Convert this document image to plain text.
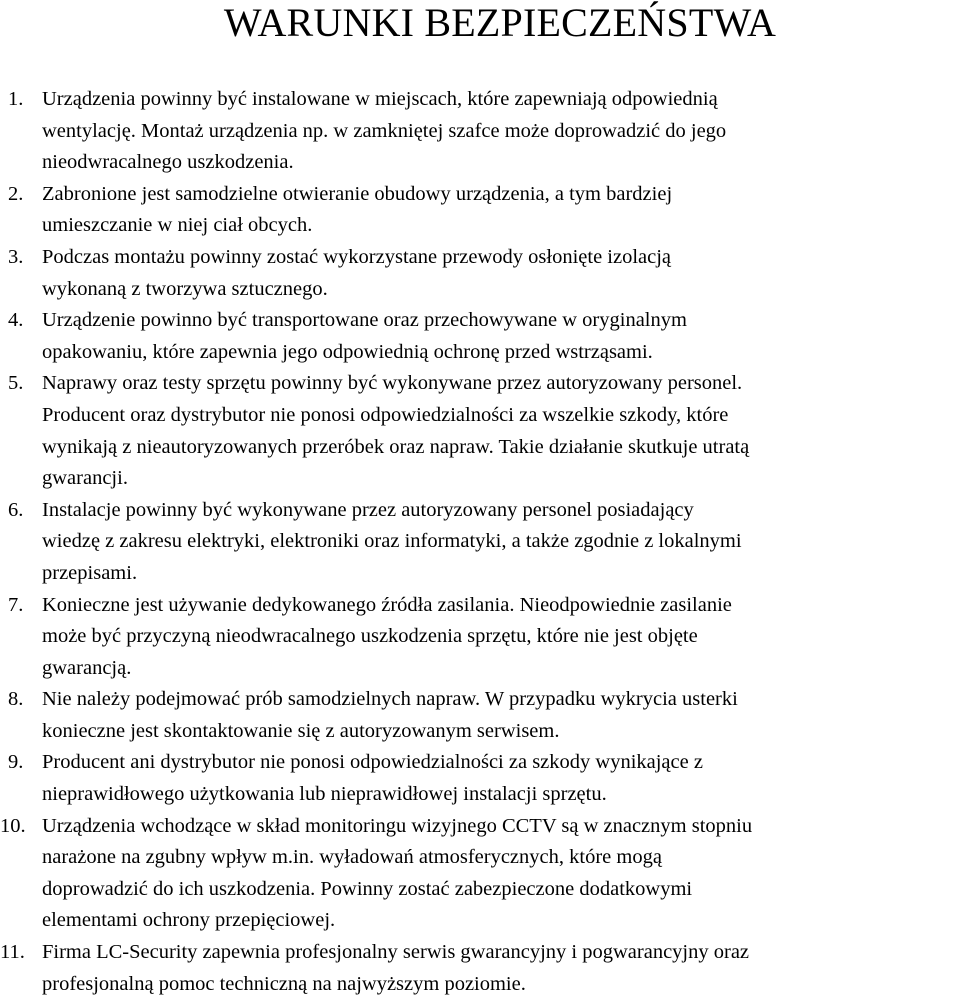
WARUNKI BEZPIECZEŃSTWA
1. Urządzenia powinny być instalowane w miejscach, które zapewniają odpowiednią
wentylację. Montaż urządzenia np. w zamkniętej szafce może doprowadzić do jego
nieodwracalnego uszkodzenia.
2. Zabronione jest samodzielne otwieranie obudowy urządzenia, a tym bardziej
umieszczanie w niej ciał obcych.
3. Podczas montażu powinny zostać wykorzystane przewody osłonięte izolacją
wykonaną z tworzywa sztucznego.
4. Urządzenie powinno być transportowane oraz przechowywane w oryginalnym
opakowaniu, które zapewnia jego odpowiednią ochronę przed wstrząsami.
5. Naprawy oraz testy sprzętu powinny być wykonywane przez autoryzowany personel.
Producent oraz dystrybutor nie ponosi odpowiedzialności za wszelkie szkody, które
wynikają z nieautoryzowanych przeróbek oraz napraw. Takie działanie skutkuje utratą
gwarancji.
6. Instalacje powinny być wykonywane przez autoryzowany personel posiadający
wiedzę z zakresu elektryki, elektroniki oraz informatyki, a także zgodnie z lokalnymi
przepisami.
7. Konieczne jest używanie dedykowanego źródła zasilania. Nieodpowiednie zasilanie
może być przyczyną nieodwracalnego uszkodzenia sprzętu, które nie jest objęte
gwarancją.
8. Nie należy podejmować prób samodzielnych napraw. W przypadku wykrycia usterki
konieczne jest skontaktowanie się z autoryzowanym serwisem.
9. Producent ani dystrybutor nie ponosi odpowiedzialności za szkody wynikające z
nieprawidłowego użytkowania lub nieprawidłowej instalacji sprzętu.
10. Urządzenia wchodzące w skład monitoringu wizyjnego CCTV są w znacznym stopniu
narażone na zgubny wpływ m.in. wyładowań atmosferycznych, które mogą
doprowadzić do ich uszkodzenia. Powinny zostać zabezpieczone dodatkowymi
elementami ochrony przepięciowej.
11. Firma LC-Security zapewnia profesjonalny serwis gwarancyjny i pogwarancyjny oraz
profesjonalną pomoc techniczną na najwyższym poziomie.
